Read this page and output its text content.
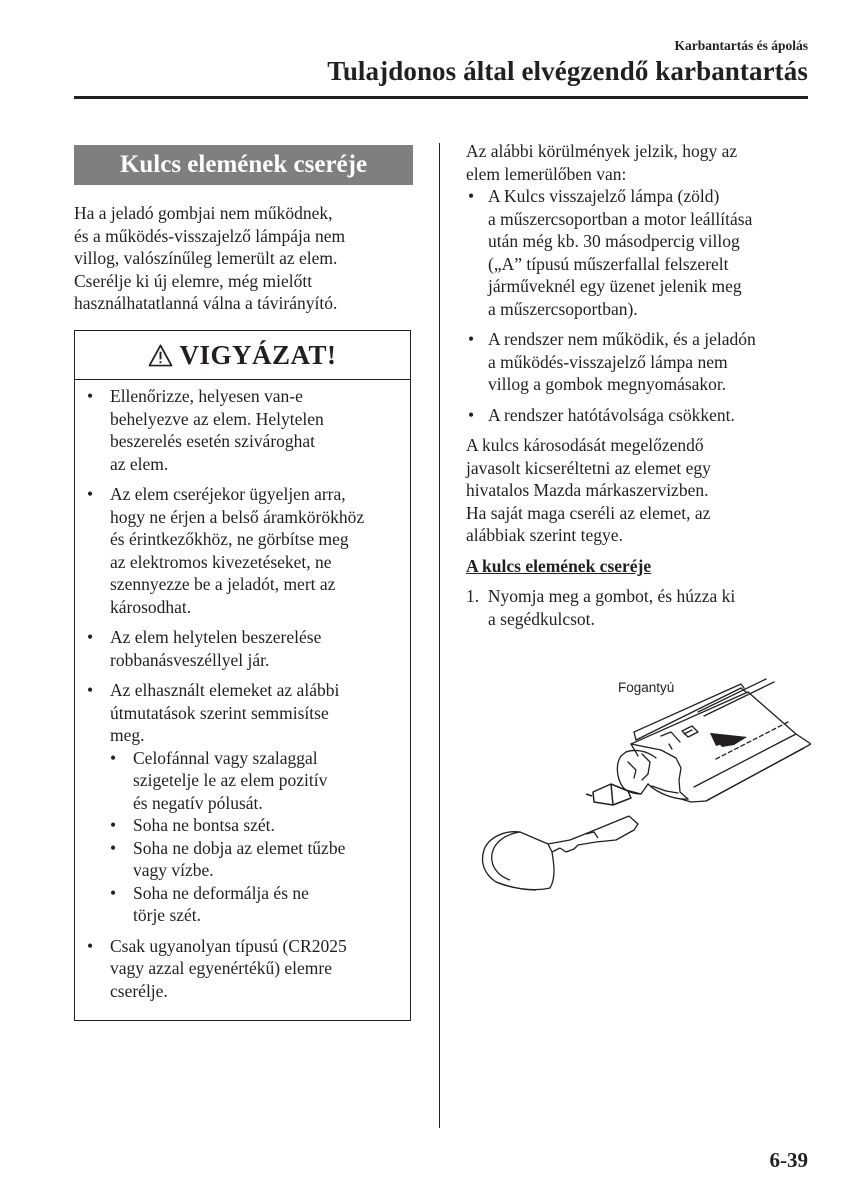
Karbantartás és ápolás
Tulajdonos által elvégzendő karbantartás
Kulcs elemének cseréje
Ha a jeladó gombjai nem működnek,
és a működés-visszajelző lámpája nem
villog, valószínűleg lemerült az elem.
Cserélje ki új elemre, még mielőtt
használhatatlanná válna a távirányító.
VIGYÁZAT!
• Ellenőrizze, helyesen van-e
behelyezve az elem. Helytelen
beszerelés esetén szivároghat
az elem.
• Az elem cseréjekor ügyeljen arra,
hogy ne érjen a belső áramkörökhöz
és érintkezőkhöz, ne görbítse meg
az elektromos kivezetéseket, ne
szennyezze be a jeladót, mert az
károsodhat.
• Az elem helytelen beszerelése
robbanásveszéllyel jár.
• Az elhasznált elemeket az alábbi
útmutatások szerint semmisítse
meg.
• Celofánnal vagy szalaggal
szigetelje le az elem pozitív
és negatív pólusát.
• Soha ne bontsa szét.
• Soha ne dobja az elemet tűzbe
vagy vízbe.
• Soha ne deformálja és ne
törje szét.
• Csak ugyanolyan típusú (CR2025
vagy azzal egyenértékű) elemre
cserélje.

Az alábbi körülmények jelzik, hogy az
elem lemerülőben van:

• A Kulcs visszajelző lámpa (zöld)
a műszercsoportban a motor leállítása
után még kb. 30 másodpercig villog
(„A” típusú műszerfallal felszerelt
járműveknél egy üzenet jelenik meg
a műszercsoportban).
• A rendszer nem működik, és a jeladón
a működés-visszajelző lámpa nem
villog a gombok megnyomásakor.
• A rendszer hatótávolsága csökkent.

A kulcs károsodását megelőzendő
javasolt kicseréltetni az elemet egy
hivatalos Mazda márkaszervizben.
Ha saját maga cseréli az elemet, az
alábbiak szerint tegye.

A kulcs elemének cseréje

1. Nyomja meg a gombot, és húzza ki
a segédkulcsot.

Fogantyú
6-39
